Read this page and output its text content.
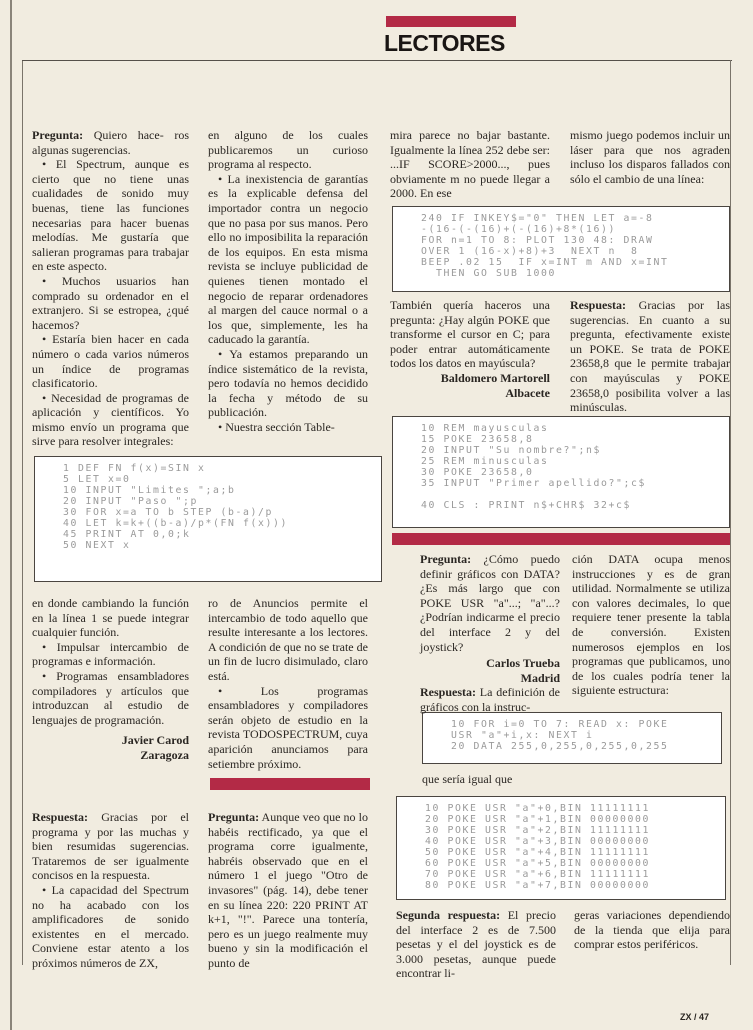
LECTORES

Pregunta: Quiero hace- ros algunas sugerencias.

• El Spectrum, aunque es cierto que no tiene unas cualidades de sonido muy buenas, tiene las funciones necesarias para hacer buenas melodías. Me gustaría que salieran programas para trabajar en este aspecto.

• Muchos usuarios han comprado su ordenador en el extranjero. Si se estropea, ¿qué hacemos?

• Estaría bien hacer en cada número o cada varios números un índice de programas clasificatorio.

• Necesidad de programas de aplicación y científicos. Yo mismo envío un programa que sirve para resolver integrales:

en alguno de los cuales publicaremos un curioso programa al respecto.

• La inexistencia de garantías es la explicable defensa del importador contra un negocio que no pasa por sus manos. Pero ello no imposibilita la reparación de los equipos. En esta misma revista se incluye publicidad de quienes tienen montado el negocio de reparar ordenadores al margen del cauce normal o a los que, simplemente, les ha caducado la garantía.

• Ya estamos preparando un índice sistemático de la revista, pero todavía no hemos decidido la fecha y método de su publicación.

• Nuestra sección Table-

mira parece no bajar bastante. Igualmente la línea 252 debe ser: ...IF SCORE>2000..., pues obviamente m no puede llegar a 2000. En ese

También quería haceros una pregunta: ¿Hay algún POKE que transforme el cursor en C; para poder entrar automáticamente todos los datos en mayúscula?

Baldomero Martorell

Albacete

mismo juego podemos incluir un láser para que nos agraden incluso los disparos fallados con sólo el cambio de una línea:

Respuesta: Gracias por las sugerencias. En cuanto a su pregunta, efectivamente existe un POKE. Se trata de POKE 23658,8 que le permite trabajar con mayúsculas y POKE 23658,0 posibilita volver a las minúsculas.

240 IF INKEY$="0" THEN LET a=-8
-(16-(-(16)+(-(16)+8*(16))
FOR n=1 TO 8: PLOT 130 48: DRAW
OVER 1 (16-x)+8)+3  NEXT n  8
BEEP .02 15  IF x=INT m AND x=INT
THEN GO SUB 1000
1 DEF FN f(x)=SIN x
5 LET x=0
10 INPUT "Limites ";a;b
20 INPUT "Paso ";p
30 FOR x=a TO b STEP (b-a)/p
40 LET k=k+((b-a)/p*(FN f(x)))
45 PRINT AT 0,0;k
50 NEXT x
10 REM mayusculas
15 POKE 23658,8
20 INPUT "Su nombre?";n$
25 REM minusculas
30 POKE 23658,0
35 INPUT "Primer apellido?";c$

40 CLS : PRINT n$+CHR$ 32+c$
10 FOR i=0 TO 7: READ x: POKE
USR "a"+i,x: NEXT i
20 DATA 255,0,255,0,255,0,255
10 POKE USR "a"+0,BIN 11111111
20 POKE USR "a"+1,BIN 00000000
30 POKE USR "a"+2,BIN 11111111
40 POKE USR "a"+3,BIN 00000000
50 POKE USR "a"+4,BIN 11111111
60 POKE USR "a"+5,BIN 00000000
70 POKE USR "a"+6,BIN 11111111
80 POKE USR "a"+7,BIN 00000000

en donde cambiando la función en la línea 1 se puede integrar cualquier función.

• Impulsar intercambio de programas e información.

• Programas ensambladores compiladores y artículos que introduzcan al estudio de lenguajes de programación.

Javier Carod

Zaragoza

ro de Anuncios permite el intercambio de todo aquello que resulte interesante a los lectores. A condición de que no se trate de un fin de lucro disimulado, claro está.

• Los programas ensambladores y compiladores serán objeto de estudio en la revista TODOSPECTRUM, cuya aparición anunciamos para setiembre próximo.

Pregunta: ¿Cómo puedo definir gráficos con DATA? ¿Es más largo que con POKE USR "a"...; "a"...? ¿Podrían indicarme el precio del interface 2 y del joystick?

Carlos Trueba

Madrid

Respuesta: La definición de gráficos con la instruc-

ción DATA ocupa menos instrucciones y es de gran utilidad. Normalmente se utiliza con valores decimales, lo que requiere tener presente la tabla de conversión. Existen numerosos ejemplos en los programas que publicamos, uno de los cuales podría tener la siguiente estructura:

que sería igual que

Respuesta: Gracias por el programa y por las muchas y bien resumidas sugerencias. Trataremos de ser igualmente concisos en la respuesta.

• La capacidad del Spectrum no ha acabado con los amplificadores de sonido existentes en el mercado. Conviene estar atento a los próximos números de ZX,

Pregunta: Aunque veo que no lo habéis rectificado, ya que el programa corre igualmente, habréis observado que en el número 1 el juego "Otro de invasores" (pág. 14), debe tener en su línea 220: 220 PRINT AT k+1, "!". Parece una tontería, pero es un juego realmente muy bueno y sin la modificación el punto de

Segunda respuesta: El precio del interface 2 es de 7.500 pesetas y el del joystick es de 3.000 pesetas, aunque puede encontrar li-

geras variaciones dependiendo de la tienda que elija para comprar estos periféricos.

ZX / 47
